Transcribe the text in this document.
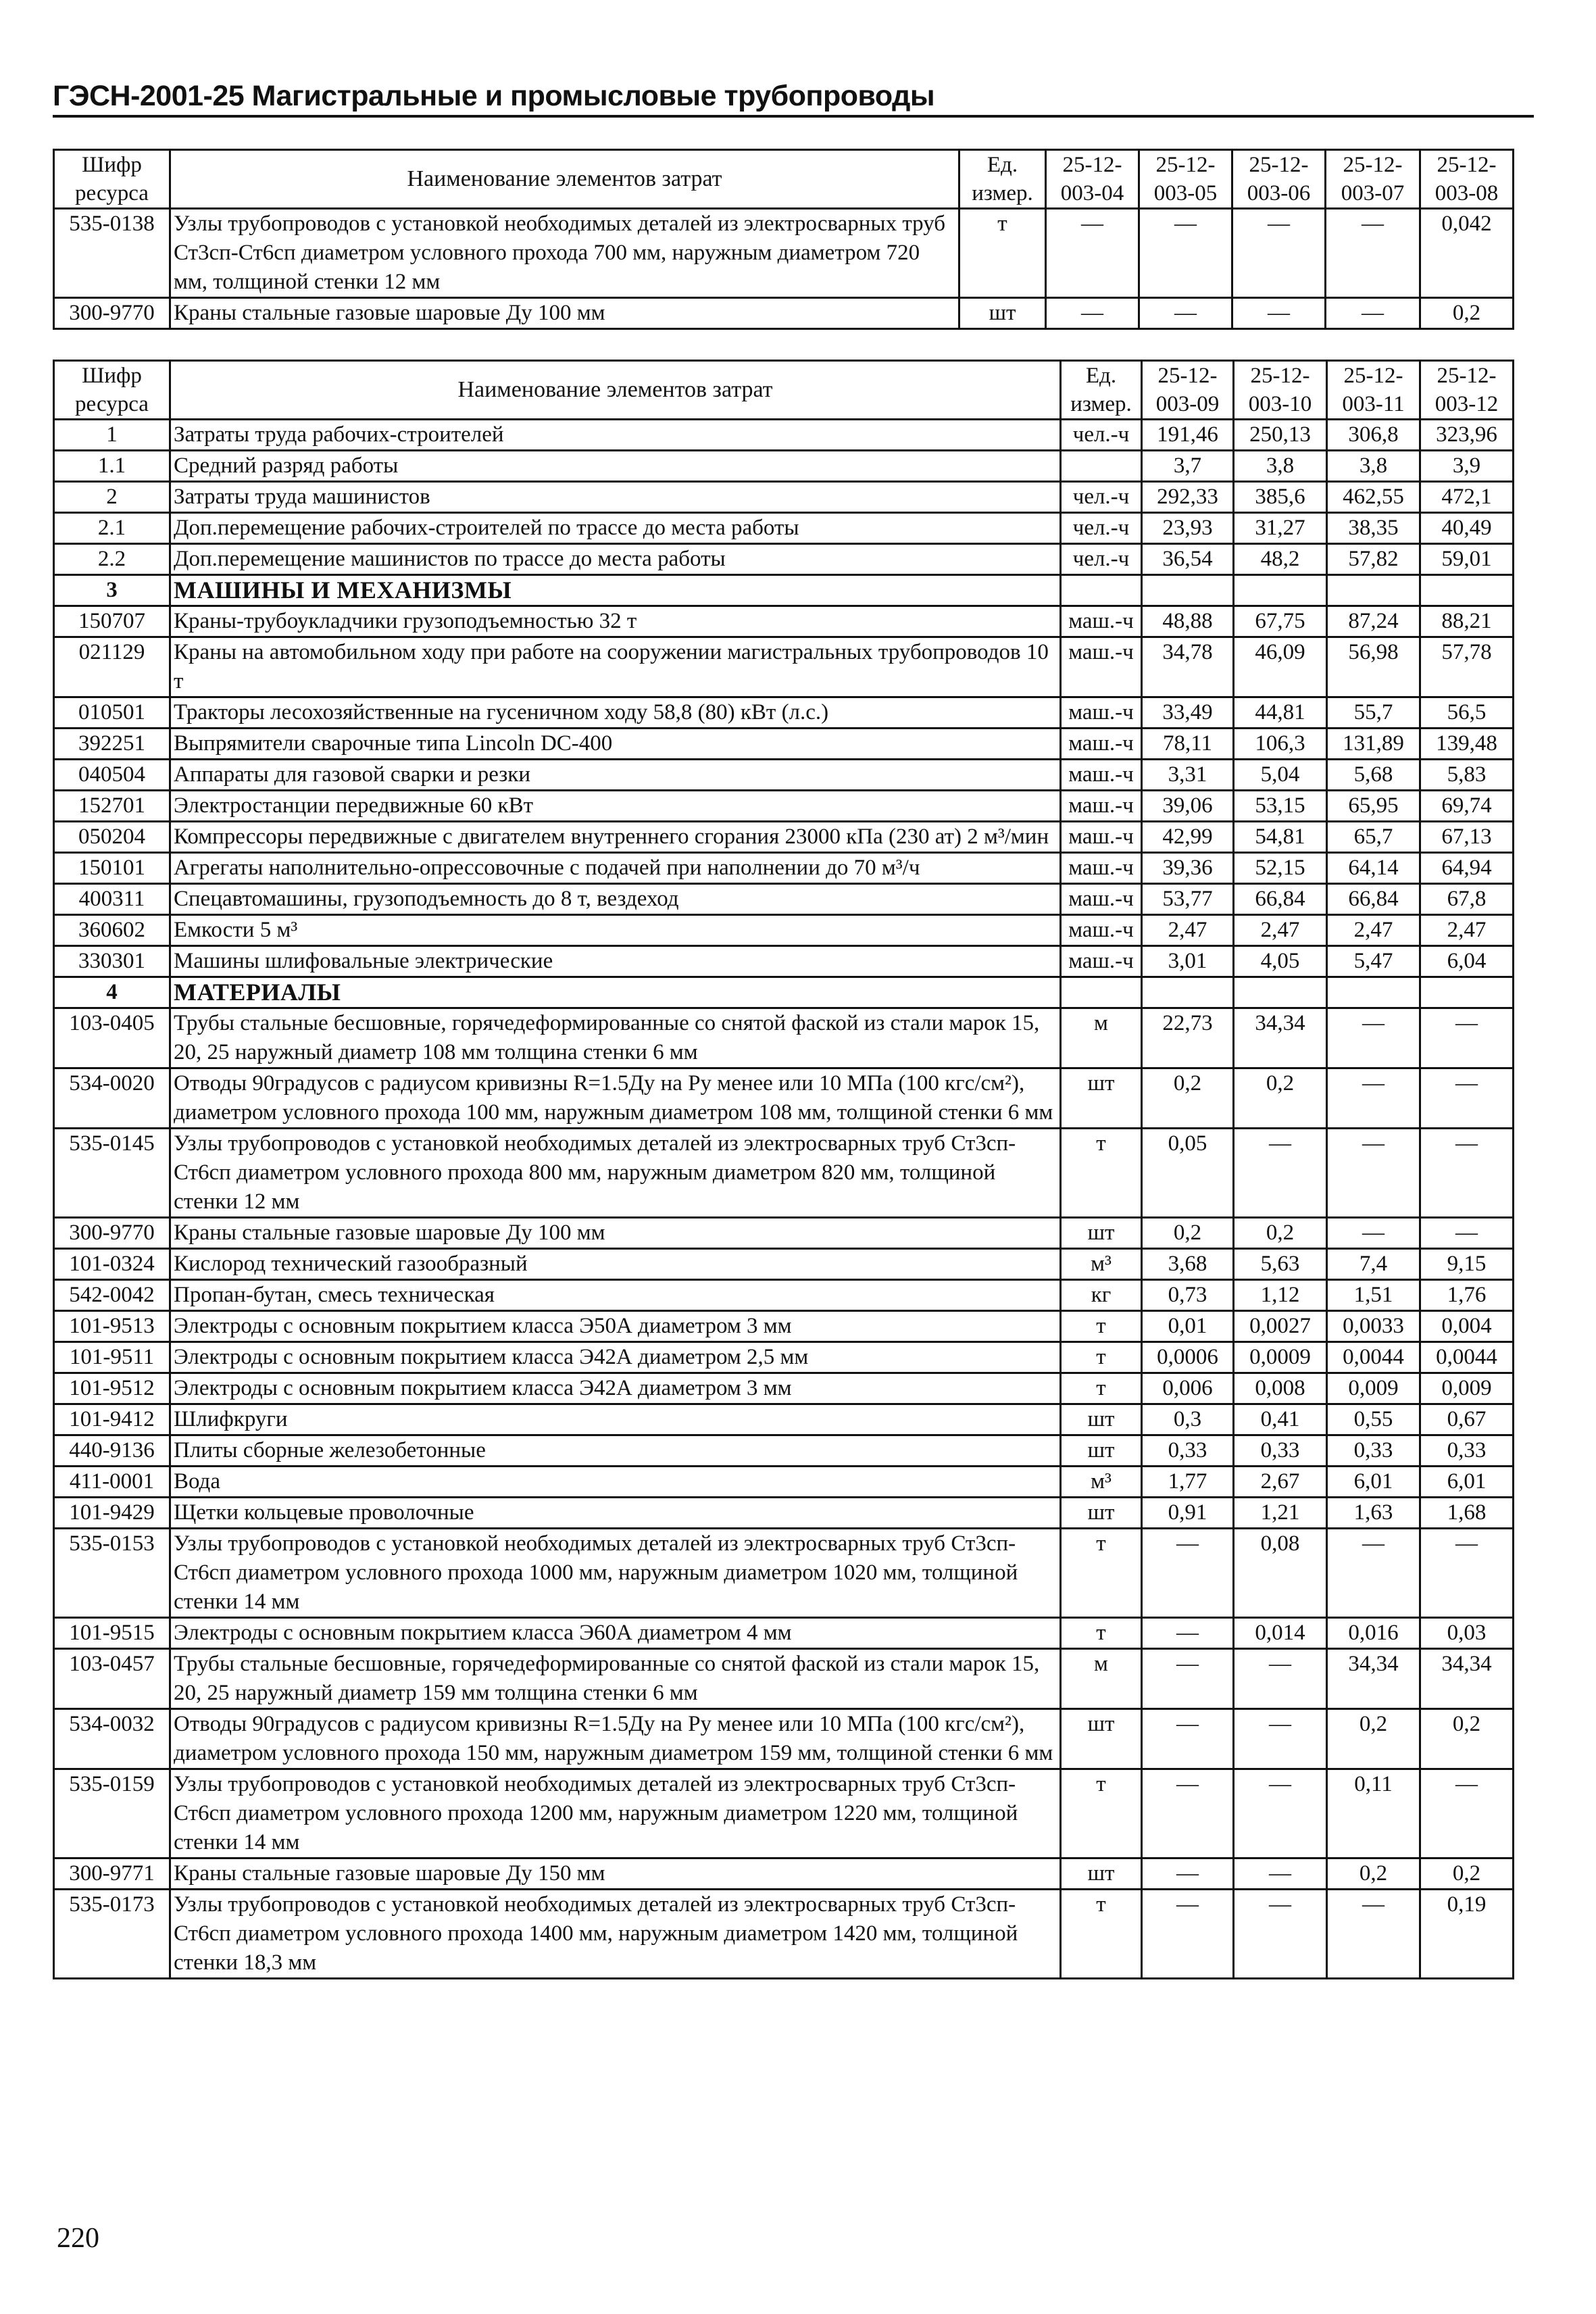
ГЭСН-2001-25 Магистральные и промысловые трубопроводы
Шифр ресурса	Наименование элементов затрат	Ед. измер.	25-12-003-04	25-12-003-05	25-12-003-06	25-12-003-07	25-12-003-08
535-0138	Узлы трубопроводов с установкой необходимых деталей из электросварных труб Ст3сп-Ст6сп диаметром условного прохода 700 мм, наружным диаметром 720 мм, толщиной стенки 12 мм	т	—	—	—	—	0,042
300-9770	Краны стальные газовые шаровые Ду 100 мм	шт	—	—	—	—	0,2
Шифр ресурса	Наименование элементов затрат	Ед. измер.	25-12-003-09	25-12-003-10	25-12-003-11	25-12-003-12
1	Затраты труда рабочих-строителей	чел.-ч	191,46	250,13	306,8	323,96
1.1	Средний разряд работы		3,7	3,8	3,8	3,9
2	Затраты труда машинистов	чел.-ч	292,33	385,6	462,55	472,1
2.1	Доп.перемещение рабочих-строителей по трассе до места работы	чел.-ч	23,93	31,27	38,35	40,49
2.2	Доп.перемещение машинистов по трассе до места работы	чел.-ч	36,54	48,2	57,82	59,01
3	МАШИНЫ И МЕХАНИЗМЫ					
150707	Краны-трубоукладчики грузоподъемностью 32 т	маш.-ч	48,88	67,75	87,24	88,21
021129	Краны на автомобильном ходу при работе на сооружении магистральных трубопроводов 10 т	маш.-ч	34,78	46,09	56,98	57,78
010501	Тракторы лесохозяйственные на гусеничном ходу 58,8 (80) кВт (л.с.)	маш.-ч	33,49	44,81	55,7	56,5
392251	Выпрямители сварочные типа Lincoln DC-400	маш.-ч	78,11	106,3	131,89	139,48
040504	Аппараты для газовой сварки и резки	маш.-ч	3,31	5,04	5,68	5,83
152701	Электростанции передвижные 60 кВт	маш.-ч	39,06	53,15	65,95	69,74
050204	Компрессоры передвижные с двигателем внутреннего сгорания 23000 кПа (230 ат) 2 м³/мин	маш.-ч	42,99	54,81	65,7	67,13
150101	Агрегаты наполнительно-опрессовочные с подачей при наполнении до 70 м³/ч	маш.-ч	39,36	52,15	64,14	64,94
400311	Спецавтомашины, грузоподъемность до 8 т, вездеход	маш.-ч	53,77	66,84	66,84	67,8
360602	Емкости 5 м³	маш.-ч	2,47	2,47	2,47	2,47
330301	Машины шлифовальные электрические	маш.-ч	3,01	4,05	5,47	6,04
4	МАТЕРИАЛЫ					
103-0405	Трубы стальные бесшовные, горячедеформированные со снятой фаской из стали марок 15, 20, 25 наружный диаметр 108 мм толщина стенки 6 мм	м	22,73	34,34	—	—
534-0020	Отводы 90градусов с радиусом кривизны R=1.5Ду на Ру менее или 10 МПа (100 кгс/см²), диаметром условного прохода 100 мм, наружным диаметром 108 мм, толщиной стенки 6 мм	шт	0,2	0,2	—	—
535-0145	Узлы трубопроводов с установкой необходимых деталей из электросварных труб Ст3сп-Ст6сп диаметром условного прохода 800 мм, наружным диаметром 820 мм, толщиной стенки 12 мм	т	0,05	—	—	—
300-9770	Краны стальные газовые шаровые Ду 100 мм	шт	0,2	0,2	—	—
101-0324	Кислород технический газообразный	м³	3,68	5,63	7,4	9,15
542-0042	Пропан-бутан, смесь техническая	кг	0,73	1,12	1,51	1,76
101-9513	Электроды с основным покрытием класса Э50А диаметром 3 мм	т	0,01	0,0027	0,0033	0,004
101-9511	Электроды с основным покрытием класса Э42А диаметром 2,5 мм	т	0,0006	0,0009	0,0044	0,0044
101-9512	Электроды с основным покрытием класса Э42А диаметром 3 мм	т	0,006	0,008	0,009	0,009
101-9412	Шлифкруги	шт	0,3	0,41	0,55	0,67
440-9136	Плиты сборные железобетонные	шт	0,33	0,33	0,33	0,33
411-0001	Вода	м³	1,77	2,67	6,01	6,01
101-9429	Щетки кольцевые проволочные	шт	0,91	1,21	1,63	1,68
535-0153	Узлы трубопроводов с установкой необходимых деталей из электросварных труб Ст3сп-Ст6сп диаметром условного прохода 1000 мм, наружным диаметром 1020 мм, толщиной стенки 14 мм	т	—	0,08	—	—
101-9515	Электроды с основным покрытием класса Э60А диаметром 4 мм	т	—	0,014	0,016	0,03
103-0457	Трубы стальные бесшовные, горячедеформированные со снятой фаской из стали марок 15, 20, 25 наружный диаметр 159 мм толщина стенки 6 мм	м	—	—	34,34	34,34
534-0032	Отводы 90градусов с радиусом кривизны R=1.5Ду на Ру менее или 10 МПа (100 кгс/см²), диаметром условного прохода 150 мм, наружным диаметром 159 мм, толщиной стенки 6 мм	шт	—	—	0,2	0,2
535-0159	Узлы трубопроводов с установкой необходимых деталей из электросварных труб Ст3сп-Ст6сп диаметром условного прохода 1200 мм, наружным диаметром 1220 мм, толщиной стенки 14 мм	т	—	—	0,11	—
300-9771	Краны стальные газовые шаровые Ду 150 мм	шт	—	—	0,2	0,2
535-0173	Узлы трубопроводов с установкой необходимых деталей из электросварных труб Ст3сп-Ст6сп диаметром условного прохода 1400 мм, наружным диаметром 1420 мм, толщиной стенки 18,3 мм	т	—	—	—	0,19
220
